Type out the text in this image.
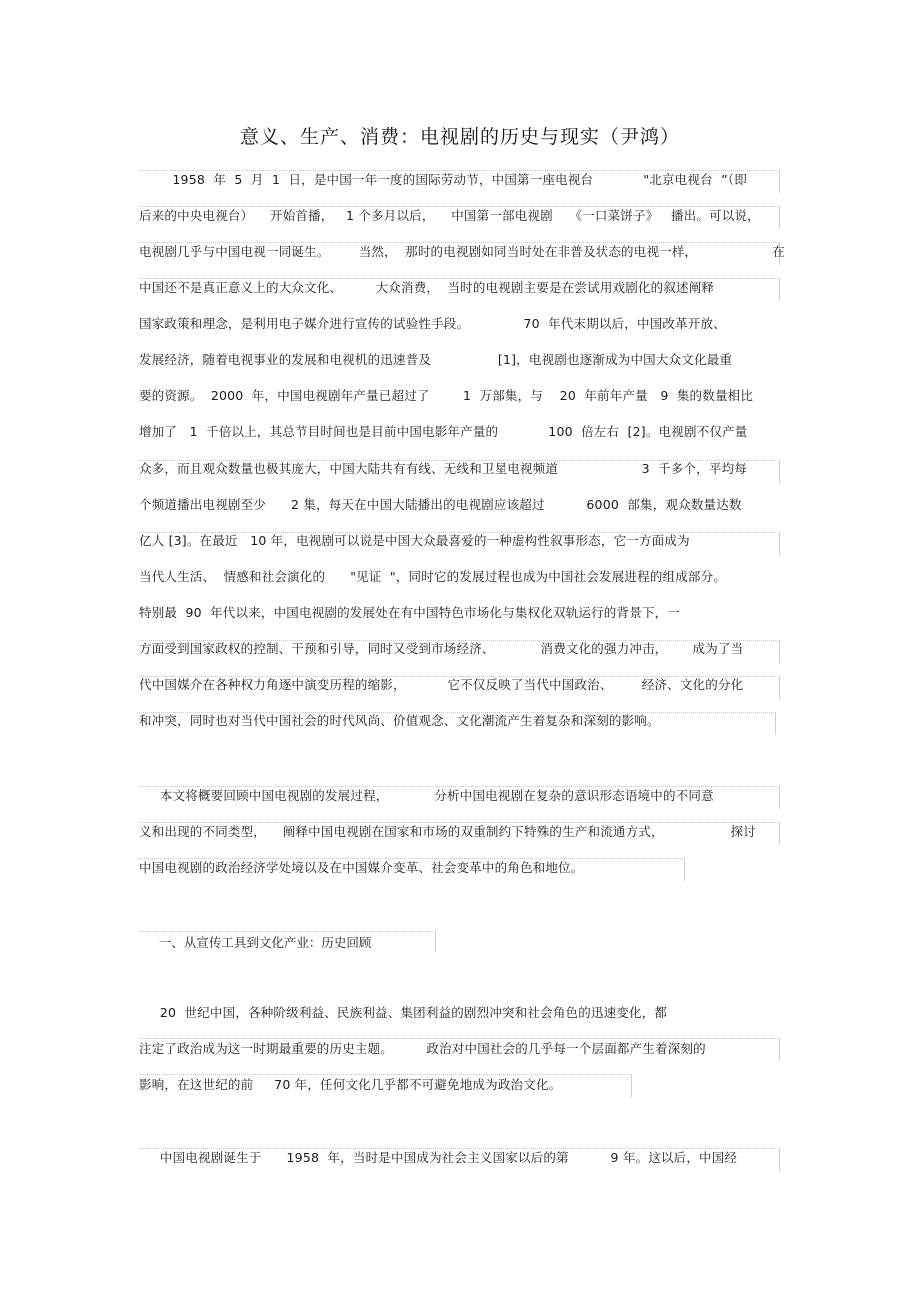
意义、生产、消费：电视剧的历史与现实（尹鸿）
1958  年  5  月  1  日，是中国一年一度的国际劳动节，中国第一座电视台            "北京电视台  ”（即
后来的中央电视台）    开始首播，   1 个多月以后，    中国第一部电视剧    《一口菜饼子》   播出。可以说，
电视剧几乎与中国电视一同诞生。       当然，  那时的电视剧如同当时处在非普及状态的电视一样，                  在
中国还不是真正意义上的大众文化、        大众消费，  当时的电视剧主要是在尝试用戏剧化的叙述阐释
国家政策和理念，是利用电子媒介进行宣传的试验性手段。             70  年代末期以后，中国改革开放、
发展经济，随着电视事业的发展和电视机的迅速普及                [1]，电视剧也逐渐成为中国大众文化最重
要的资源。  2000  年，中国电视剧年产量已超过了        1  万部集，与    20  年前年产量   9  集的数量相比
增加了   1  千倍以上，其总节目时间也是目前中国电影年产量的            100  倍左右  [2]。电视剧不仅产量
众多，而且观众数量也极其庞大，中国大陆共有有线、无线和卫星电视频道                    3  千多个，平均每
个频道播出电视剧至少      2 集，每天在中国大陆播出的电视剧应该超过          6000  部集，观众数量达数
亿人 [3]。在最近   10 年，电视剧可以说是中国大众最喜爱的一种虚构性叙事形态，它一方面成为
当代人生活、  情感和社会演化的      "见证  "，同时它的发展过程也成为中国社会发展进程的组成部分。
特别最  90  年代以来，中国电视剧的发展处在有中国特色市场化与集权化双轨运行的背景下，一
方面受到国家政权的控制、干预和引导，同时又受到市场经济、           消费文化的强力冲击，      成为了当
代中国媒介在各种权力角逐中演变历程的缩影，          它不仅反映了当代中国政治、       经济、文化的分化
和冲突，同时也对当代中国社会的时代风尚、价值观念、文化潮流产生着复杂和深刻的影响。
本文将概要回顾中国电视剧的发展过程，           分析中国电视剧在复杂的意识形态语境中的不同意
义和出现的不同类型，    阐释中国电视剧在国家和市场的双重制约下特殊的生产和流通方式，                探讨
中国电视剧的政治经济学处境以及在中国媒介变革、社会变革中的角色和地位。
一、从宣传工具到文化产业：历史回顾
20  世纪中国，各种阶级利益、民族利益、集团利益的剧烈冲突和社会角色的迅速变化，都
注定了政治成为这一时期最重要的历史主题。        政治对中国社会的几乎每一个层面都产生着深刻的
影响，在这世纪的前     70 年，任何文化几乎都不可避免地成为政治文化。
中国电视剧诞生于      1958  年，当时是中国成为社会主义国家以后的第          9 年。这以后，中国经
